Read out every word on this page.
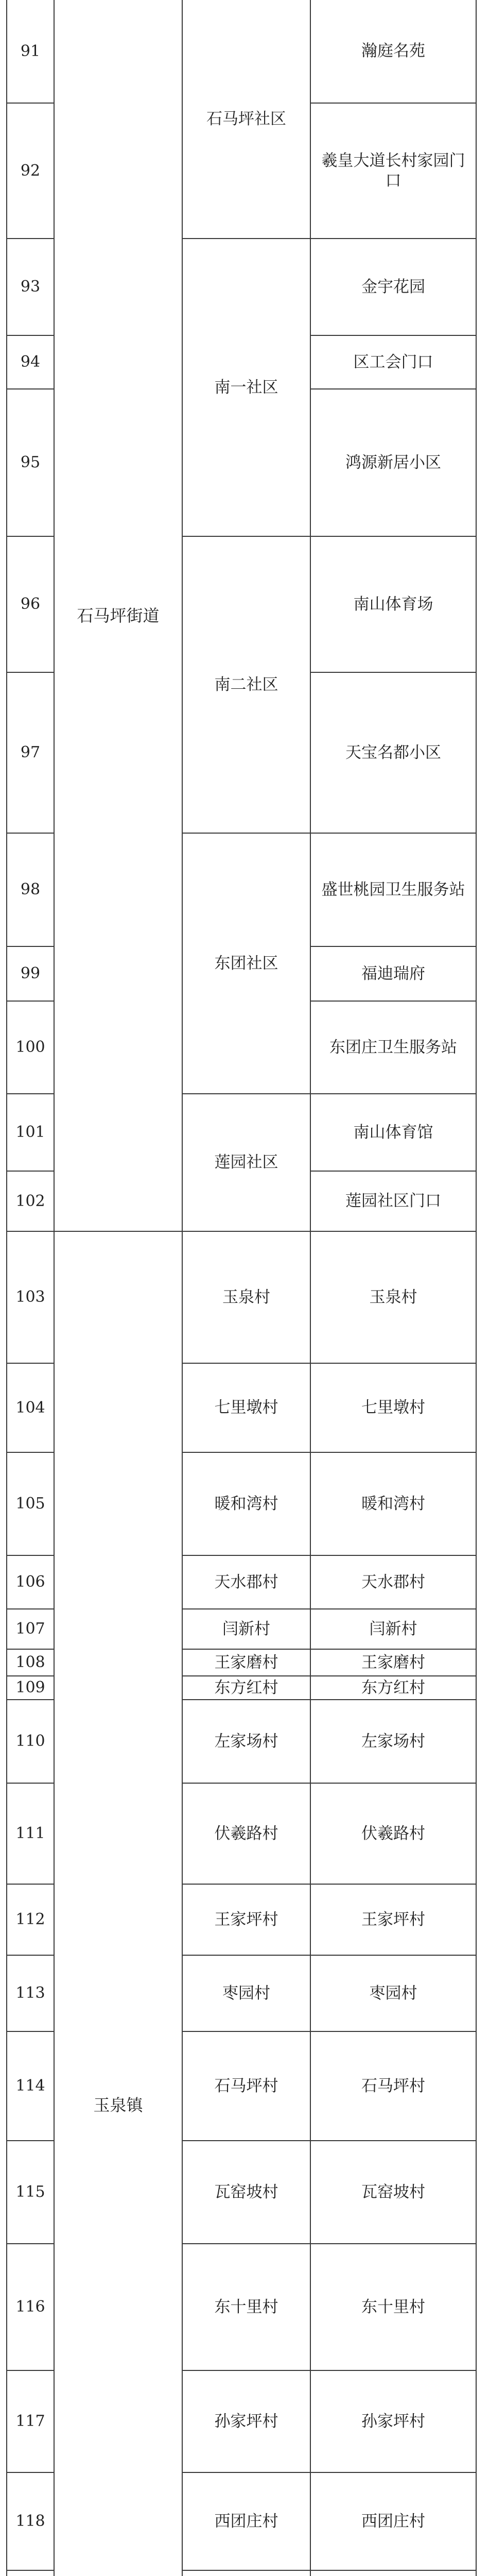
91	石马坪街道	石马坪社区	瀚庭名苑
92			羲皇大道长村家园门口
93		南一社区	金宇花园
94			区工会门口
95			鸿源新居小区
96		南二社区	南山体育场
97			天宝名都小区
98		东团社区	盛世桃园卫生服务站
99			福迪瑞府
100			东团庄卫生服务站
101		莲园社区	南山体育馆
102			莲园社区门口
103	玉泉镇	玉泉村	玉泉村
104		七里墩村	七里墩村
105		暖和湾村	暖和湾村
106		天水郡村	天水郡村
107		闫新村	闫新村
108		王家磨村	王家磨村
109		东方红村	东方红村
110		左家场村	左家场村
111		伏羲路村	伏羲路村
112		王家坪村	王家坪村
113		枣园村	枣园村
114		石马坪村	石马坪村
115		瓦窑坡村	瓦窑坡村
116		东十里村	东十里村
117		孙家坪村	孙家坪村
118		西团庄村	西团庄村
